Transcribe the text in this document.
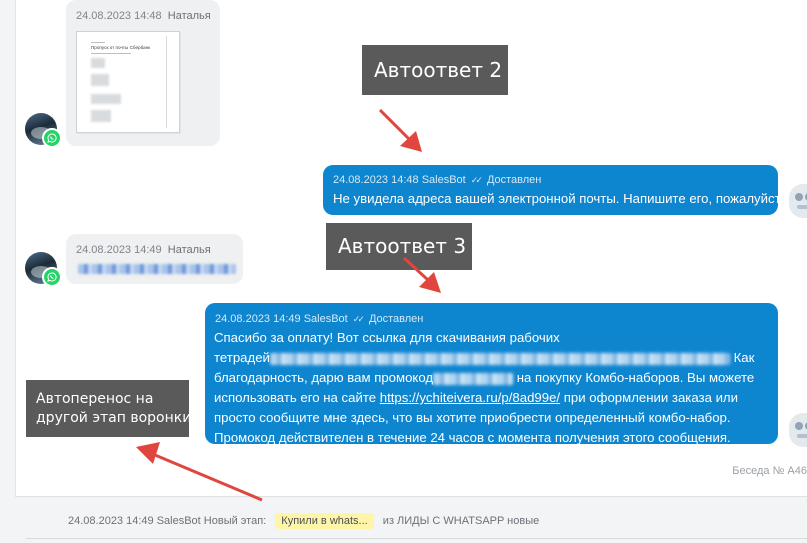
24.08.2023 14:48 Наталья
Пропуск от почты Сбербанк
Автоответ 2
24.08.2023 14:48 SalesBot ✓✓ Доставлен
Не увидела адреса вашей электронной почты. Напишите его, пожалуйста
24.08.2023 14:49 Наталья	Автоответ 3
24.08.2023 14:49 SalesBot ✓✓ Доставлен
Спасибо за оплату! Вот ссылка для скачивания рабочих
тетрадей	Как
благодарность, дарю вам промокод	на покупку Комбо-наборов. Вы можете
использовать его на сайте https://ychiteivera.ru/p/8ad99e/ при оформлении заказа или
просто сообщите мне здесь, что вы хотите приобрести определенный комбо-набор.
Промокод действителен в течение 24 часов с момента получения этого сообщения.
Автоперенос на
другой этап воронки
Беседа № А46
24.08.2023 14:49 SalesBot Новый этап: Купили в whats... из ЛИДЫ С WHATSAPP новые
